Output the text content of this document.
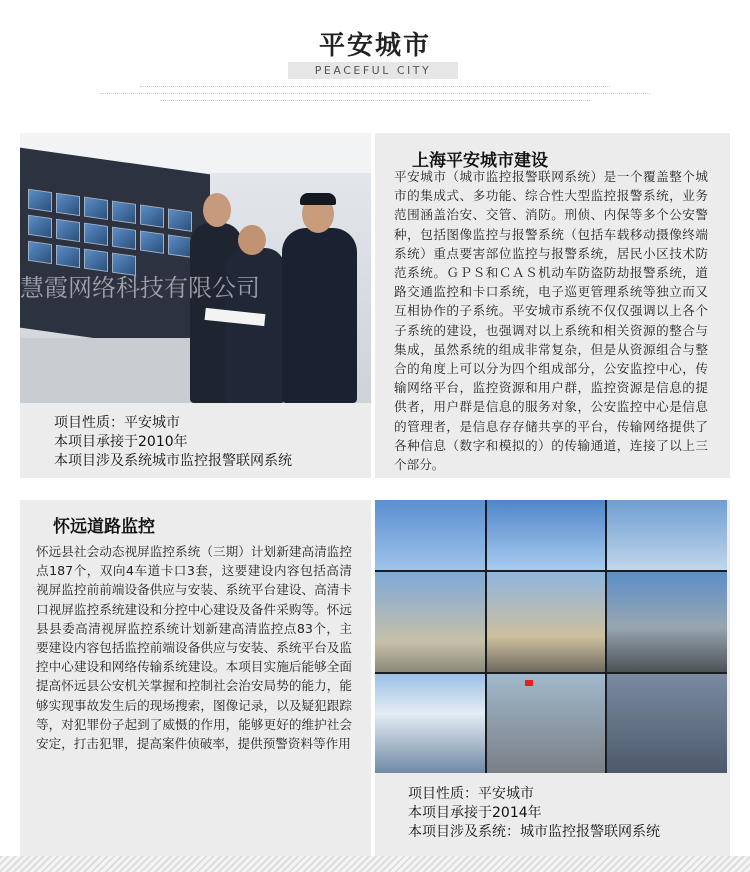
平安城市
PEACEFUL CITY
慧霞网络科技有限公司
项目性质：平安城市
本项目承接于2010年
本项目涉及系统城市监控报警联网系统
上海平安城市建设
平安城市（城市监控报警联网系统）是一个覆盖整个城市的集成式、多功能、综合性大型监控报警系统，业务范围涵盖治安、交管、消防。刑侦、内保等多个公安警种，包括图像监控与报警系统（包括车载移动摄像终端系统）重点要害部位监控与报警系统，居民小区技术防范系统。ＧＰＳ和ＣＡＳ机动车防盗防劫报警系统，道路交通监控和卡口系统，电子巡更管理系统等独立而又互相协作的子系统。平安城市系统不仅仅强调以上各个子系统的建设，也强调对以上系统和相关资源的整合与集成，虽然系统的组成非常复杂，但是从资源组合与整合的角度上可以分为四个组成部分，公安监控中心，传输网络平台，监控资源和用户群，监控资源是信息的提供者，用户群是信息的服务对象，公安监控中心是信息的管理者，是信息存存储共享的平台，传输网络提供了各种信息（数字和模拟的）的传输通道，连接了以上三个部分。
怀远道路监控
怀远县社会动态视屏监控系统（三期）计划新建高清监控点187个，双向4车道卡口3套，这要建设内容包括高清视屏监控前前端设备供应与安装、系统平台建设、高清卡口视屏监控系统建设和分控中心建设及备件采购等。怀远县县委高清视屏监控系统计划新建高清监控点83个，主要建设内容包括监控前端设备供应与安装、系统平台及监控中心建设和网络传输系统建设。本项目实施后能够全面提高怀远县公安机关掌握和控制社会治安局势的能力，能够实现事故发生后的现场搜索，图像记录，以及疑犯跟踪等，对犯罪份子起到了威慑的作用，能够更好的维护社会安定，打击犯罪，提高案件侦破率，提供预警资料等作用
项目性质：平安城市
本项目承接于2014年
本项目涉及系统：城市监控报警联网系统
